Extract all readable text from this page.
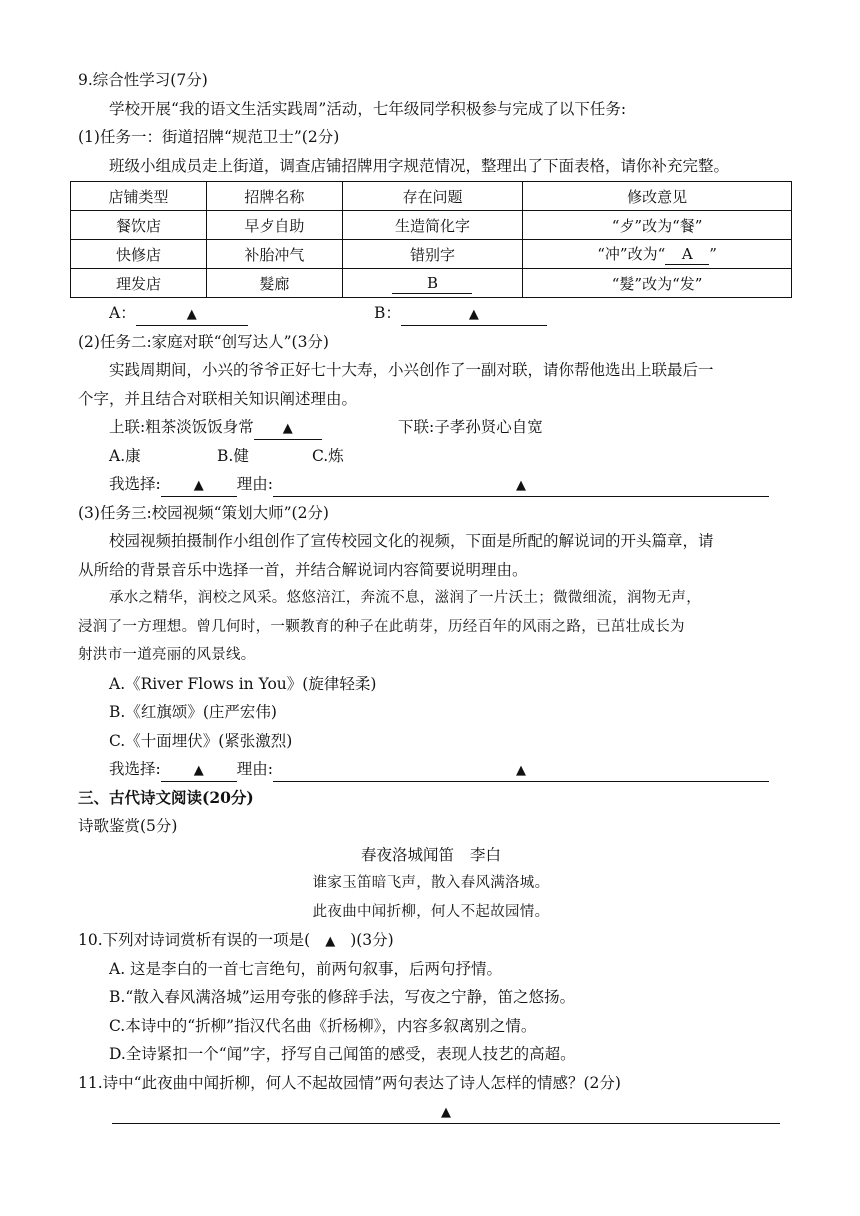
9.综合性学习(7分)
学校开展“我的语文生活实践周”活动，七年级同学积极参与完成了以下任务:
(1)任务一：街道招牌“规范卫士”(2分)
班级小组成员走上街道，调查店铺招牌用字规范情况，整理出了下面表格，请你补充完整。
店铺类型	招牌名称	存在问题	修改意见
餐饮店	早歺自助	生造简化字	“歺”改为“餐”
快修店	补胎冲气	错别字	“冲”改为“ A ”
理发店	髮廊	B	“髮”改为“发”
A：	▲	B：	▲
(2)任务二:家庭对联“创写达人”(3分)
实践周期间，小兴的爷爷正好七十大寿，小兴创作了一副对联，请你帮他选出上联最后一
个字，并且结合对联相关知识阐述理由。
上联:粗茶淡饭饭身常 ▲	下联:子孝孙贤心自宽
A.康	B.健	C.炼
我选择:	▲ 理由:	▲
(3)任务三:校园视频“策划大师”(2分)
校园视频拍摄制作小组创作了宣传校园文化的视频，下面是所配的解说词的开头篇章，请
从所给的背景音乐中选择一首，并结合解说词内容简要说明理由。
承水之精华，润校之风采。悠悠涪江，奔流不息，滋润了一片沃土；微微细流，润物无声，
浸润了一方理想。曾几何时，一颗教育的种子在此萌芽，历经百年的风雨之路，已茁壮成长为
射洪市一道亮丽的风景线。
A.《River Flows in You》(旋律轻柔)
B.《红旗颂》(庄严宏伟)
C.《十面埋伏》(紧张激烈)
我选择:	▲ 理由:	▲
三、古代诗文阅读(20分)
诗歌鉴赏(5分)
春夜洛城闻笛 李白
谁家玉笛暗飞声，散入春风满洛城。
此夜曲中闻折柳，何人不起故园情。
10.下列对诗词赏析有误的一项是( ▲ )(3分)
A. 这是李白的一首七言绝句，前两句叙事，后两句抒情。
B.“散入春风满洛城”运用夸张的修辞手法，写夜之宁静，笛之悠扬。
C.本诗中的“折柳”指汉代名曲《折杨柳》，内容多叙离别之情。
D.全诗紧扣一个“闻”字，抒写自己闻笛的感受，表现人技艺的高超。
11.诗中“此夜曲中闻折柳，何人不起故园情”两句表达了诗人怎样的情感？(2分)
▲
